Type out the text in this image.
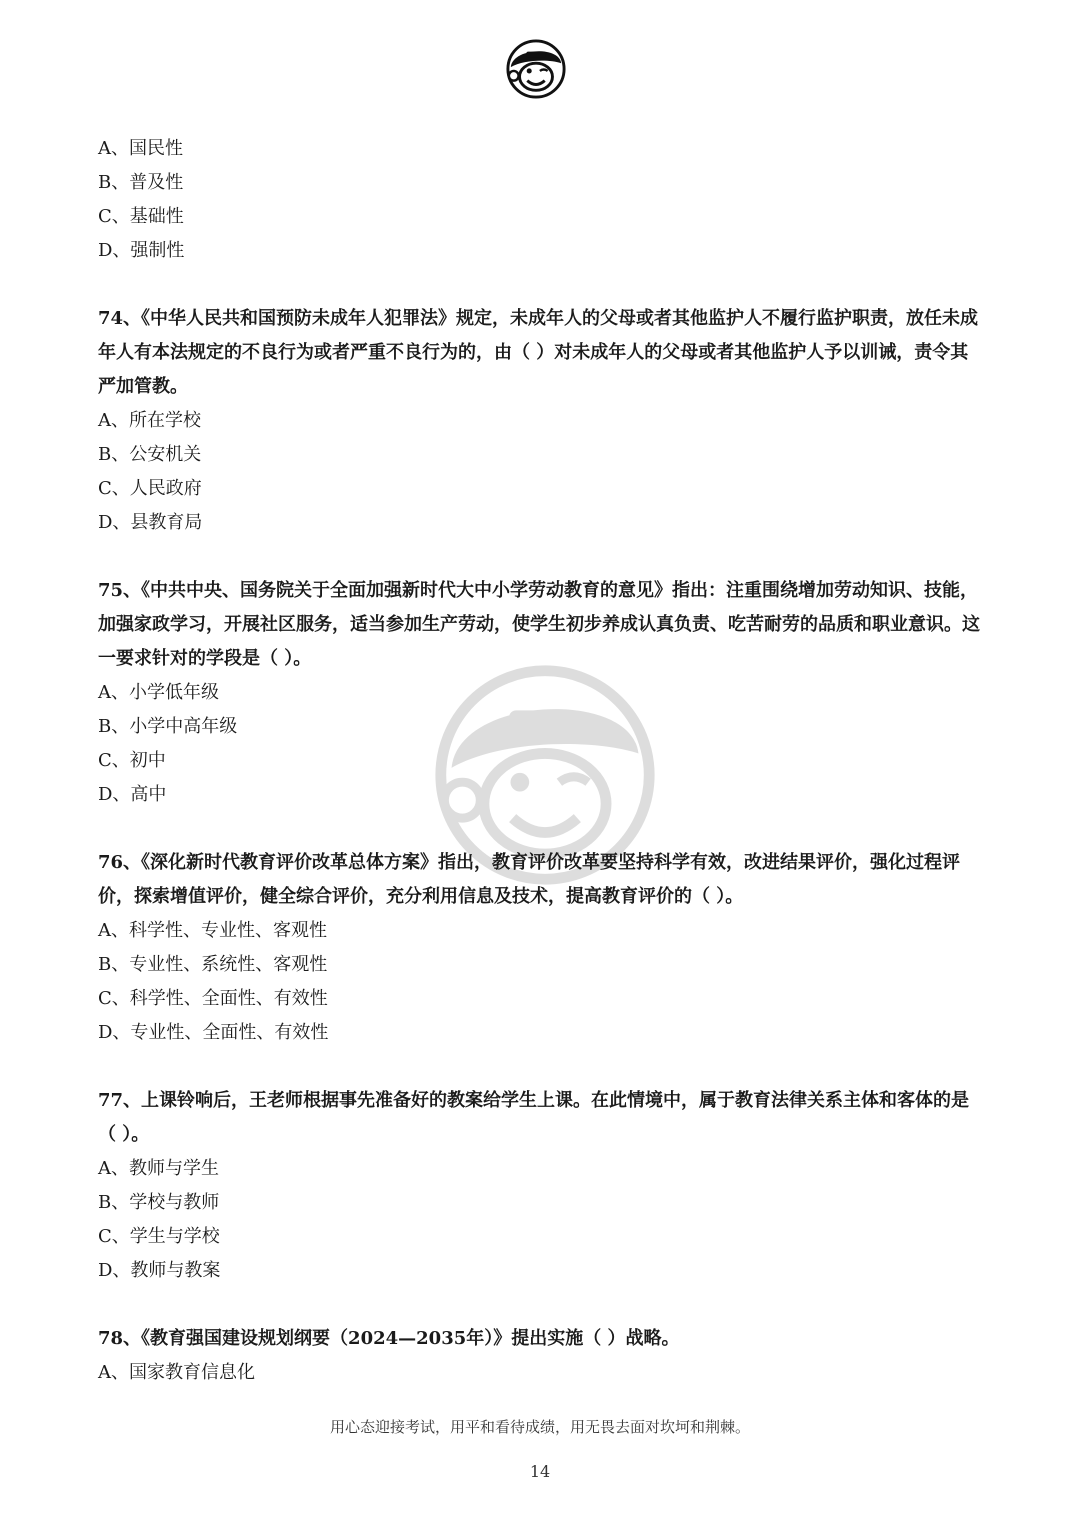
A、国民性
B、普及性
C、基础性
D、强制性

74、《中华人民共和国预防未成年人犯罪法》规定，未成年人的父母或者其他监护人不履行监护职责，放任未成年人有本法规定的不良行为或者严重不良行为的，由（ ）对未成年人的父母或者其他监护人予以训诫，责令其严加管教。

A、所在学校
B、公安机关
C、人民政府
D、县教育局

75、《中共中央、国务院关于全面加强新时代大中小学劳动教育的意见》指出：注重围绕增加劳动知识、技能，加强家政学习，开展社区服务，适当参加生产劳动，使学生初步养成认真负责、吃苦耐劳的品质和职业意识。这一要求针对的学段是（ ）。

A、小学低年级
B、小学中高年级
C、初中
D、高中

76、《深化新时代教育评价改革总体方案》指出，教育评价改革要坚持科学有效，改进结果评价，强化过程评价，探索增值评价，健全综合评价，充分利用信息及技术，提高教育评价的（ ）。

A、科学性、专业性、客观性
B、专业性、系统性、客观性
C、科学性、全面性、有效性
D、专业性、全面性、有效性

77、上课铃响后，王老师根据事先准备好的教案给学生上课。在此情境中，属于教育法律关系主体和客体的是（ ）。

A、教师与学生
B、学校与教师
C、学生与学校
D、教师与教案

78、《教育强国建设规划纲要（2024—2035年）》提出实施（ ）战略。

A、国家教育信息化
用心态迎接考试，用平和看待成绩，用无畏去面对坎坷和荆棘。
14
